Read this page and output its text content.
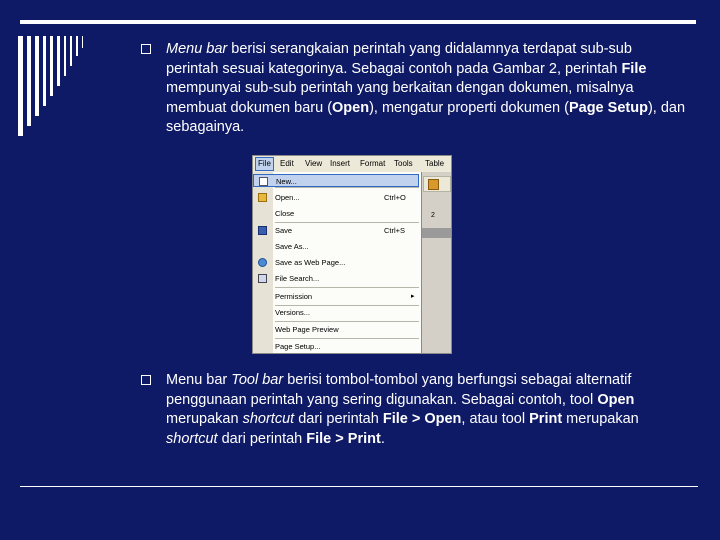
Menu bar berisi serangkaian perintah yang didalamnya terdapat sub-sub perintah sesuai kategorinya. Sebagai contoh pada Gambar 2, perintah File mempunyai sub-sub perintah yang berkaitan dengan dokumen, misalnya membuat dokumen baru (Open), mengatur properti dokumen (Page Setup), dan sebagainya.
File	Edit View Insert Format Tools Table
2
New...
Open...	Ctrl+O
Close
Save	Ctrl+S
Save As...
Save as Web Page...
File Search...
Permission	▸
Versions...
Web Page Preview
Page Setup...
Menu bar Tool bar berisi tombol-tombol yang berfungsi sebagai alternatif penggunaan perintah yang sering digunakan. Sebagai contoh, tool Open merupakan shortcut dari perintah File > Open, atau tool Print merupakan shortcut dari perintah File > Print.
